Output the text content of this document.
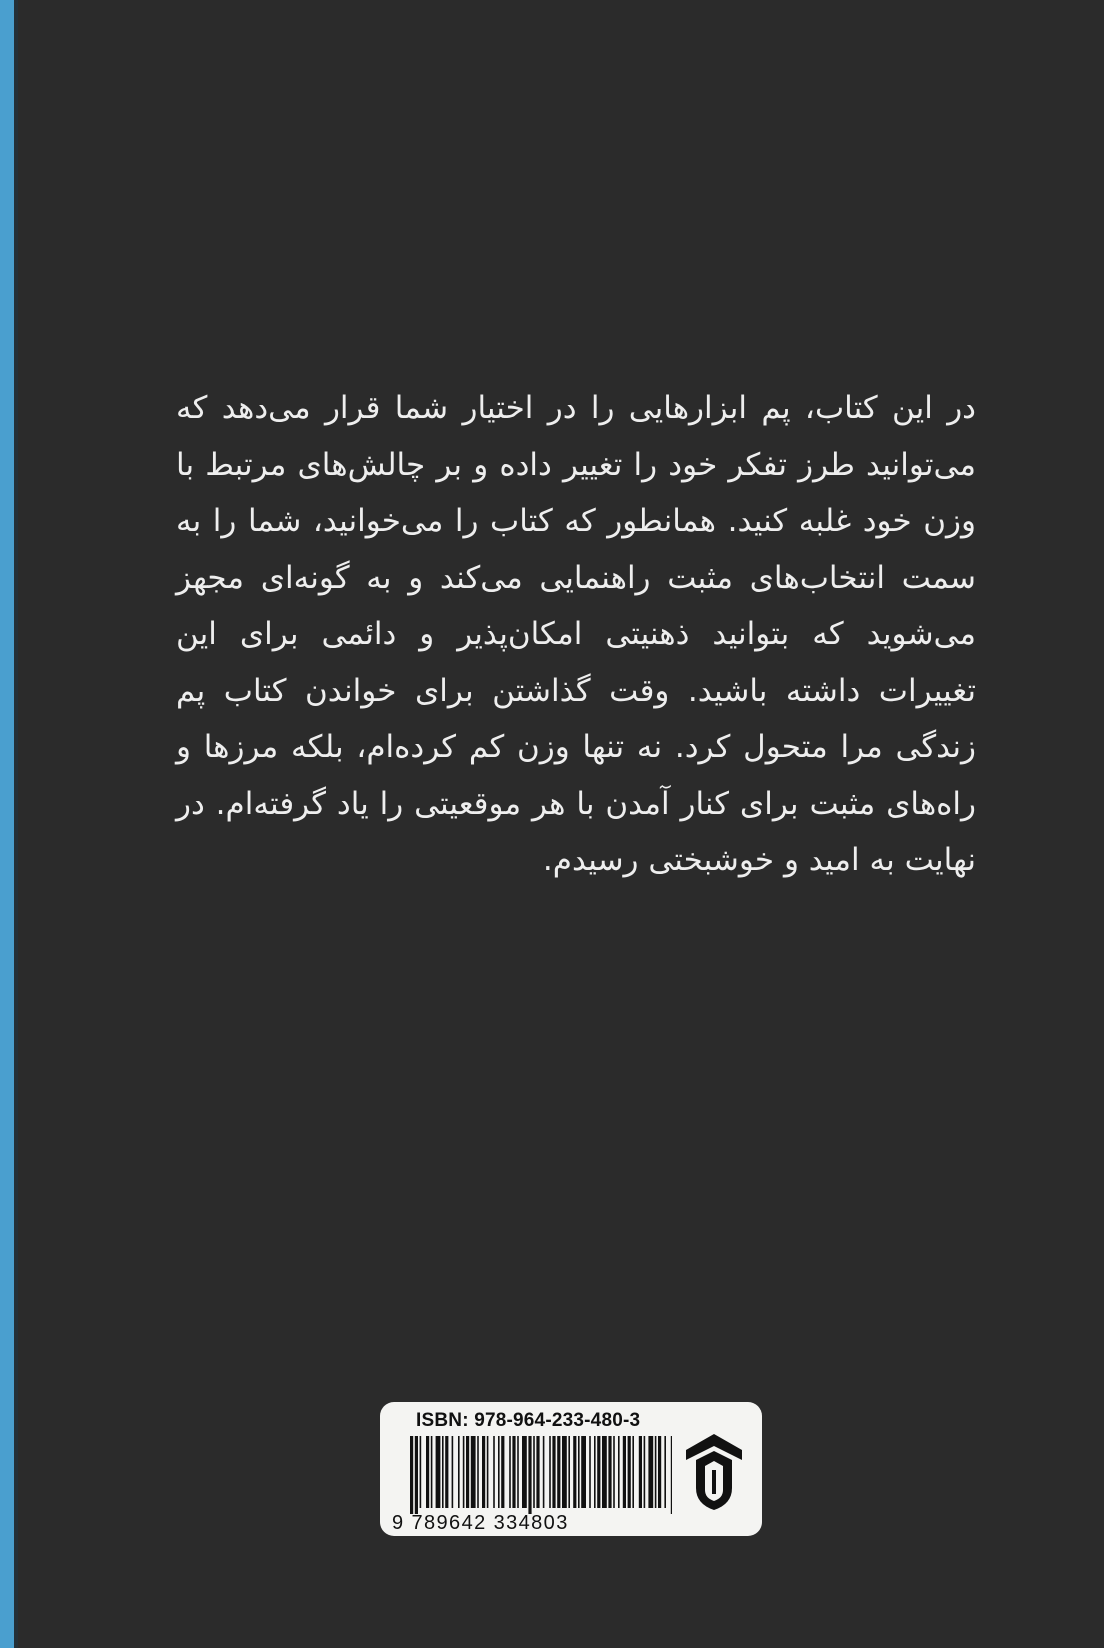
در این کتاب، پم ابزارهایی را در اختیار شما قرار می‌دهد که می‌توانید طرز تفکر خود را تغییر داده و بر چالش‌های مرتبط با وزن خود غلبه کنید. همانطور که کتاب را می‌خوانید، شما را به سمت انتخاب‌های مثبت راهنمایی می‌کند و به گونه‌ای مجهز می‌شوید که بتوانید ذهنیتی امکان‌پذیر و دائمی برای این تغییرات داشته باشید. وقت گذاشتن برای خواندن کتاب پم زندگی مرا متحول کرد. نه تنها وزن کم کرده‌ام، بلکه مرزها و راه‌های مثبت برای کنار آمدن با هر موقعیتی را یاد گرفته‌ام. در نهایت به امید و خوشبختی رسیدم.

ISBN: 978-964-233-480-3
9 789642 334803
